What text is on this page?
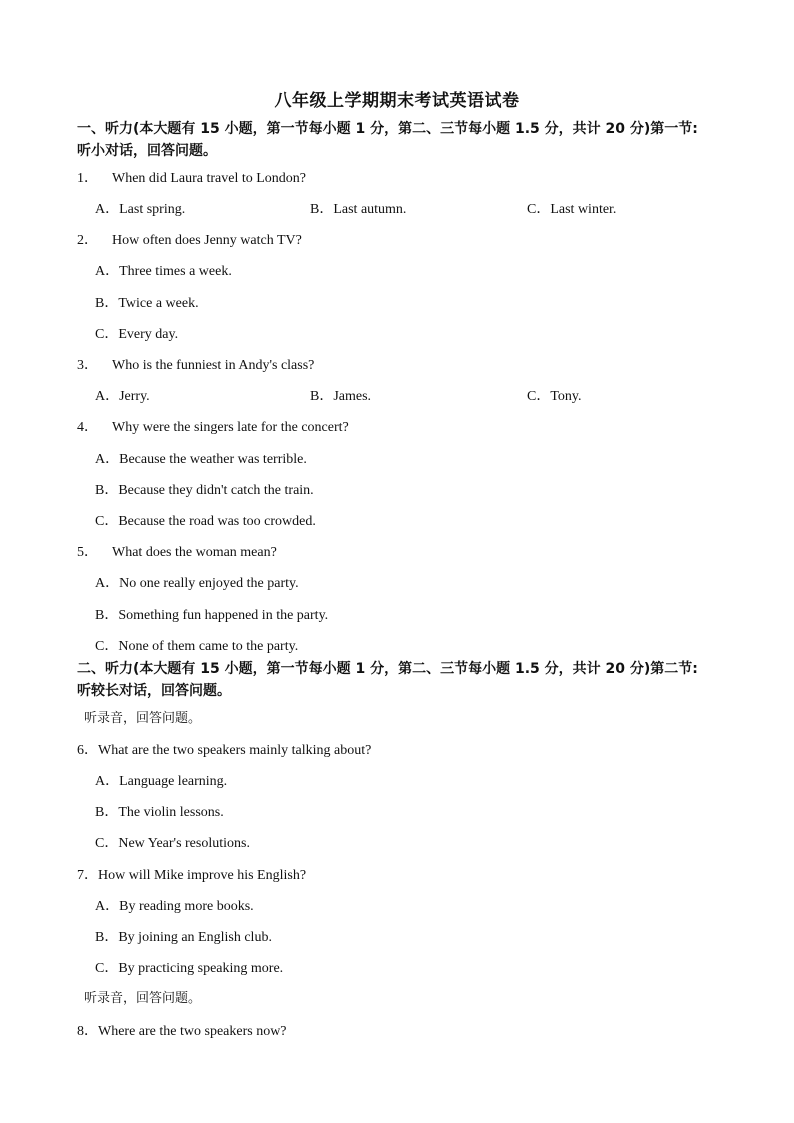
八年级上学期期末考试英语试卷
一、听力(本大题有 15 小题，第一节每小题 1 分，第二、三节每小题 1.5 分，共计 20 分)第一节:
听小对话，回答问题。
1． When did Laura travel to London?
A．Last spring.	B．Last autumn.	C．Last winter.
2． How often does Jenny watch TV?
A．Three times a week.
B．Twice a week.
C．Every day.
3． Who is the funniest in Andy's class?
A．Jerry.	B．James.	C．Tony.
4． Why were the singers late for the concert?
A．Because the weather was terrible.
B．Because they didn't catch the train.
C．Because the road was too crowded.
5． What does the woman mean?
A．No one really enjoyed the party.
B．Something fun happened in the party.
C．None of them came to the party.
二、听力(本大题有 15 小题，第一节每小题 1 分，第二、三节每小题 1.5 分，共计 20 分)第二节:
听较长对话，回答问题。
听录音，回答问题。
6．What are the two speakers mainly talking about?
A．Language learning.
B．The violin lessons.
C．New Year's resolutions.
7．How will Mike improve his English?
A．By reading more books.
B．By joining an English club.
C．By practicing speaking more.
听录音，回答问题。
8．Where are the two speakers now?
